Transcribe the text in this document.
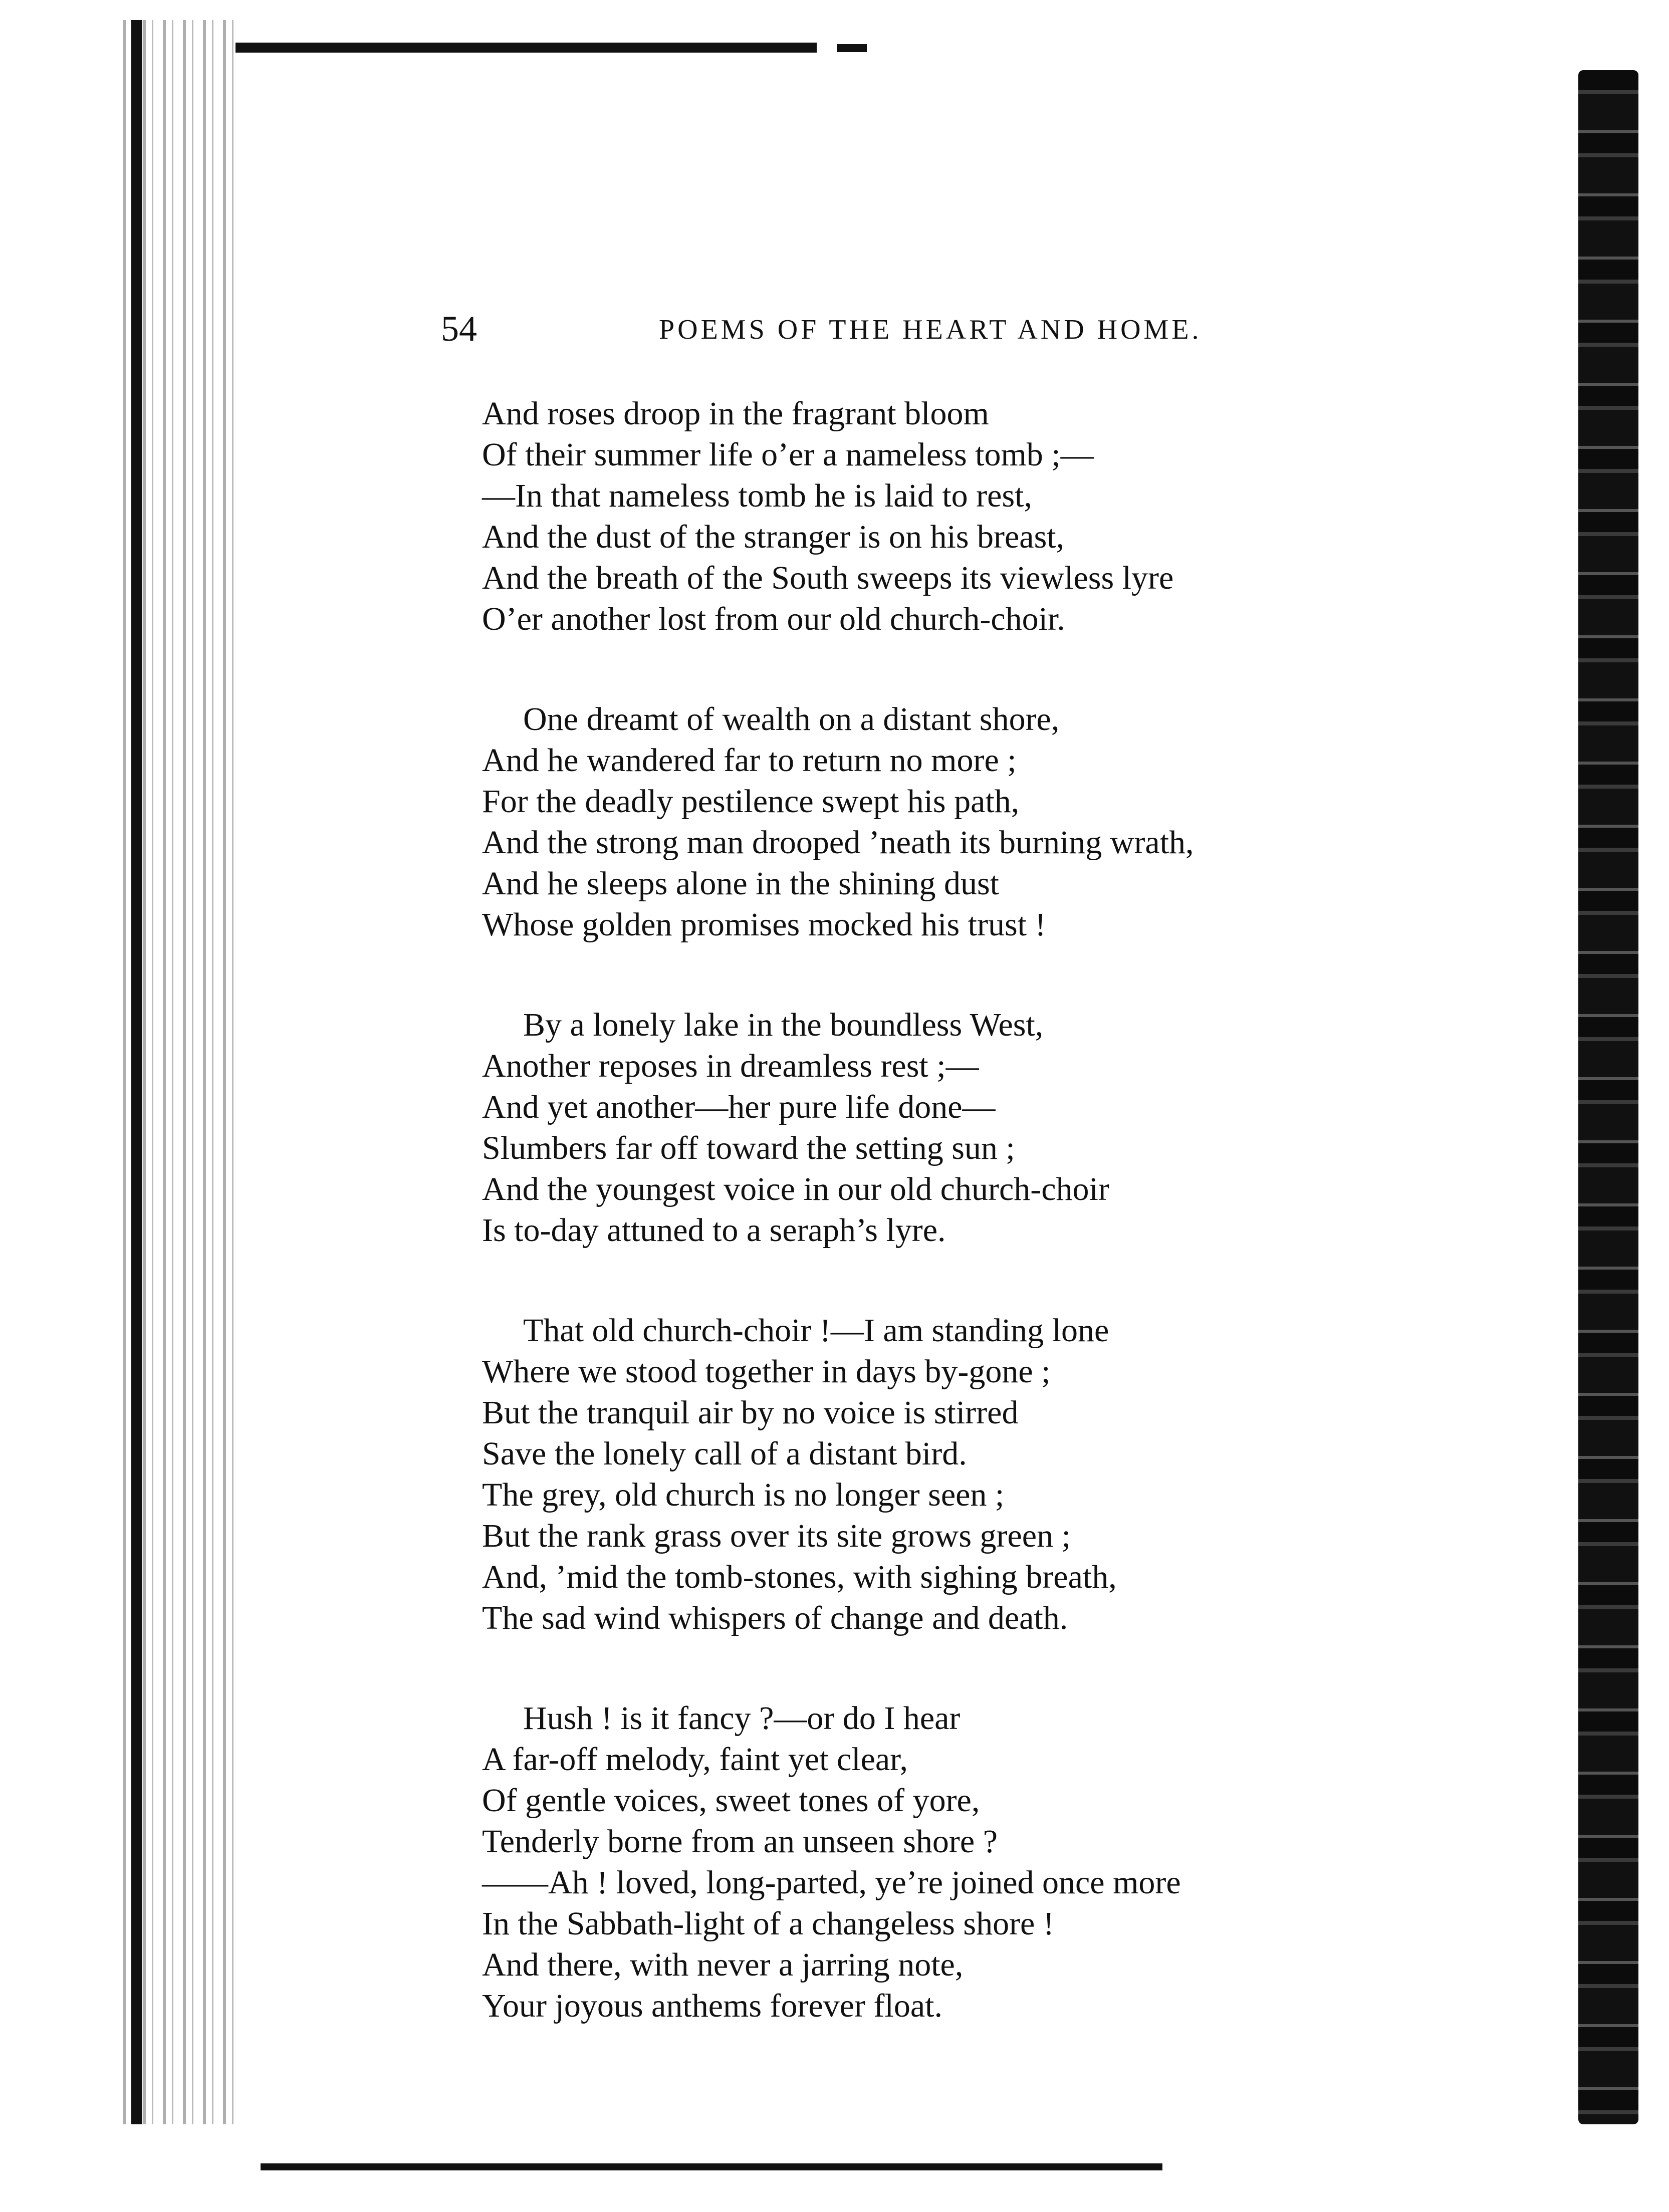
54	POEMS OF THE HEART AND HOME.
And roses droop in the fragrant bloom
Of their summer life o’er a nameless tomb ;—
—In that nameless tomb he is laid to rest,
And the dust of the stranger is on his breast,
And the breath of the South sweeps its viewless lyre
O’er another lost from our old church-choir.
One dreamt of wealth on a distant shore,
And he wandered far to return no more ;
For the deadly pestilence swept his path,
And the strong man drooped ’neath its burning wrath,
And he sleeps alone in the shining dust
Whose golden promises mocked his trust !
By a lonely lake in the boundless West,
Another reposes in dreamless rest ;—
And yet another—her pure life done—
Slumbers far off toward the setting sun ;
And the youngest voice in our old church-choir
Is to-day attuned to a seraph’s lyre.
That old church-choir !—I am standing lone
Where we stood together in days by-gone ;
But the tranquil air by no voice is stirred
Save the lonely call of a distant bird.
The grey, old church is no longer seen ;
But the rank grass over its site grows green ;
And, ’mid the tomb-stones, with sighing breath,
The sad wind whispers of change and death.
Hush ! is it fancy ?—or do I hear
A far-off melody, faint yet clear,
Of gentle voices, sweet tones of yore,
Tenderly borne from an unseen shore ?
——Ah ! loved, long-parted, ye’re joined once more
In the Sabbath-light of a changeless shore !
And there, with never a jarring note,
Your joyous anthems forever float.
